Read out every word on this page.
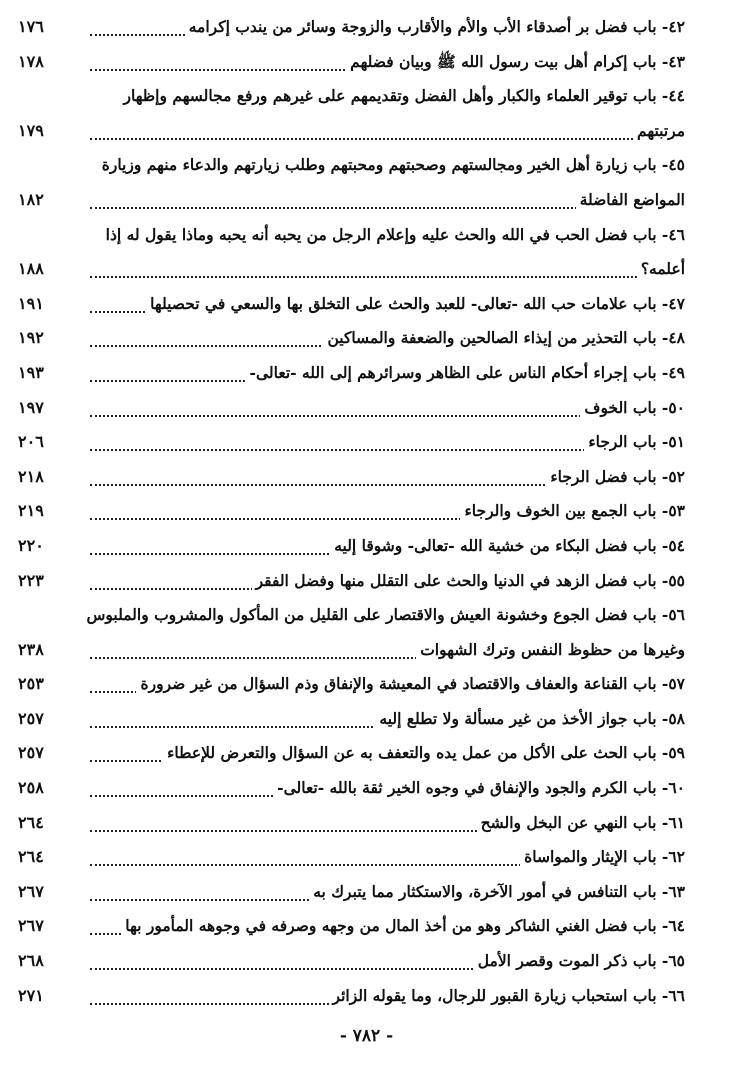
١٧٦	٤٢- باب فضل بر أصدقاء الأب والأم والأقارب والزوجة وسائر من يندب إكرامه
١٧٨	٤٣- باب إكرام أهل بيت رسول الله ﷺ وبيان فضلهم
٤٤- باب توقير العلماء والكبار وأهل الفضل وتقديمهم على غيرهم ورفع مجالسهم وإظهار
١٧٩	مرتبتهم
٤٥- باب زيارة أهل الخير ومجالستهم وصحبتهم ومحبتهم وطلب زيارتهم والدعاء منهم وزيارة
١٨٢	المواضع الفاضلة
٤٦- باب فضل الحب في الله والحث عليه وإعلام الرجل من يحبه أنه يحبه وماذا يقول له إذا
١٨٨	أعلمه؟
١٩١	٤٧- باب علامات حب الله -تعالى- للعبد والحث على التخلق بها والسعي في تحصيلها
١٩٢	٤٨- باب التحذير من إيذاء الصالحين والضعفة والمساكين
١٩٣	٤٩- باب إجراء أحكام الناس على الظاهر وسرائرهم إلى الله -تعالى-
١٩٧	٥٠- باب الخوف
٢٠٦	٥١- باب الرجاء
٢١٨	٥٢- باب فضل الرجاء
٢١٩	٥٣- باب الجمع بين الخوف والرجاء
٢٢٠	٥٤- باب فضل البكاء من خشية الله -تعالى- وشوقا إليه
٢٢٣	٥٥- باب فضل الزهد في الدنيا والحث على التقلل منها وفضل الفقر
٥٦- باب فضل الجوع وخشونة العيش والاقتصار على القليل من المأكول والمشروب والملبوس
٢٣٨	وغيرها من حظوظ النفس وترك الشهوات
٢٥٣	٥٧- باب القناعة والعفاف والاقتصاد في المعيشة والإنفاق وذم السؤال من غير ضرورة
٢٥٧	٥٨- باب جواز الأخذ من غير مسألة ولا تطلع إليه
٢٥٧	٥٩- باب الحث على الأكل من عمل يده والتعفف به عن السؤال والتعرض للإعطاء
٢٥٨	٦٠- باب الكرم والجود والإنفاق في وجوه الخير ثقة بالله -تعالى-
٢٦٤	٦١- باب النهي عن البخل والشح
٢٦٤	٦٢- باب الإيثار والمواساة
٢٦٧	٦٣- باب التنافس في أمور الآخرة، والاستكثار مما يتبرك به
٢٦٧	٦٤- باب فضل الغني الشاكر وهو من أخذ المال من وجهه وصرفه في وجوهه المأمور بها
٢٦٨	٦٥- باب ذكر الموت وقصر الأمل
٢٧١	٦٦- باب استحباب زيارة القبور للرجال، وما يقوله الزائر
- ٧٨٢ -
